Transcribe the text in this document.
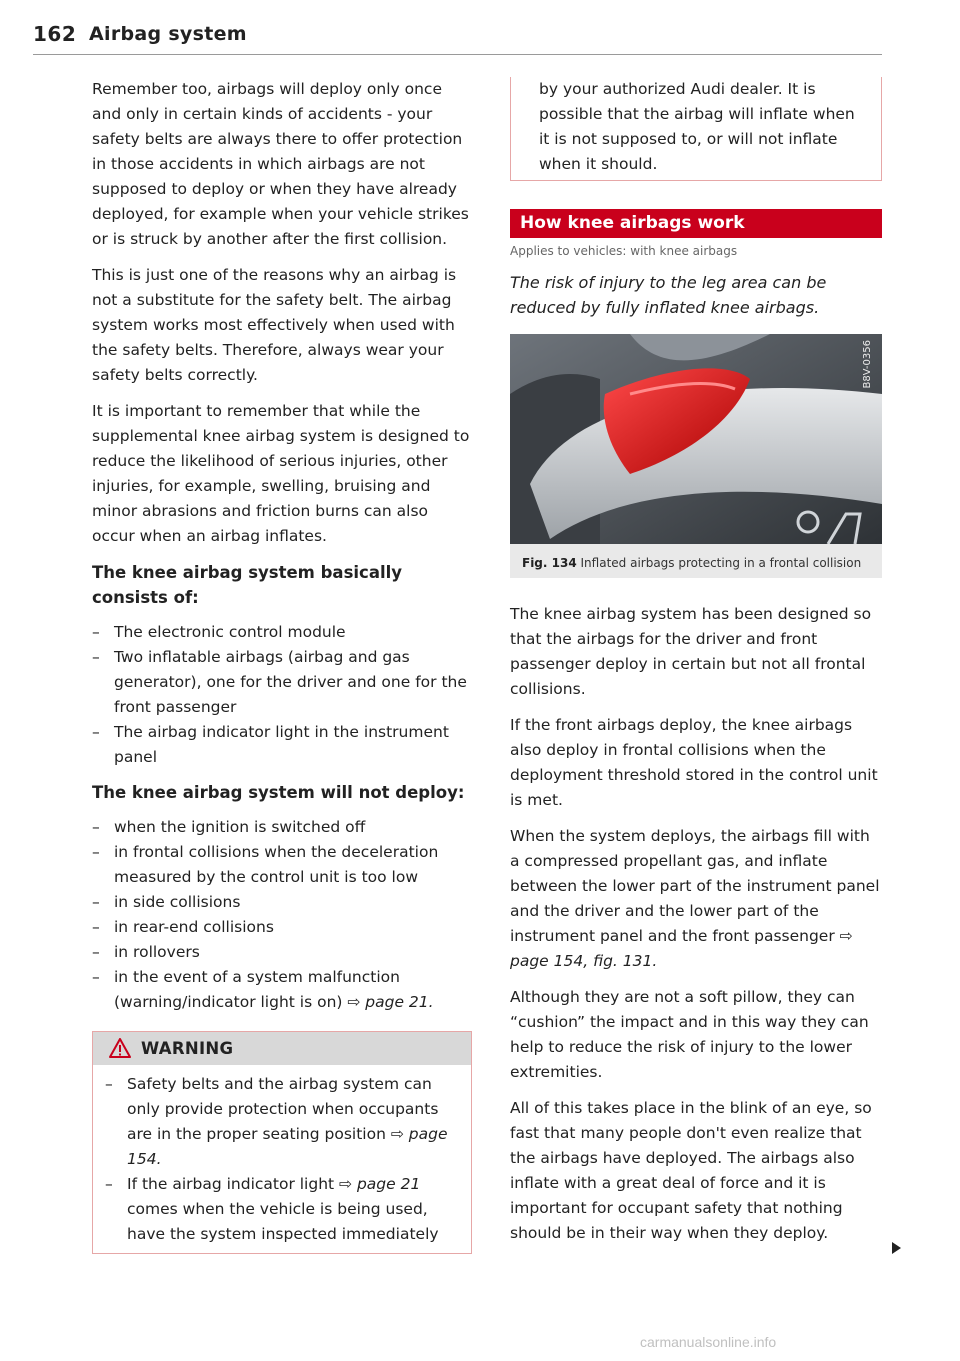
162 Airbag system

Remember too, airbags will deploy only once and only in certain kinds of accidents - your safety belts are always there to offer protection in those accidents in which airbags are not supposed to deploy or when they have already deployed, for example when your vehicle strikes or is struck by another after the first collision.

This is just one of the reasons why an airbag is not a substitute for the safety belt. The airbag system works most effectively when used with the safety belts. Therefore, always wear your safety belts correctly.

It is important to remember that while the supplemental knee airbag system is designed to reduce the likelihood of serious injuries, other injuries, for example, swelling, bruising and minor abrasions and friction burns can also occur when an airbag inflates.

The knee airbag system basically consists of:
– The electronic control module
– Two inflatable airbags (airbag and gas generator), one for the driver and one for the front passenger
– The airbag indicator light in the instrument panel
The knee airbag system will not deploy:
– when the ignition is switched off
– in frontal collisions when the deceleration measured by the control unit is too low
– in side collisions
– in rear-end collisions
– in rollovers
– in the event of a system malfunction (warning/indicator light is on) ⇨ page 21.
WARNING
– Safety belts and the airbag system can only provide protection when occupants are in the proper seating position ⇨ page 154.
– If the airbag indicator light ⇨ page 21 comes when the vehicle is being used, have the system inspected immediately

by your authorized Audi dealer. It is possible that the airbag will inflate when it is not supposed to, or will not inflate when it should.

How knee airbags work

Applies to vehicles: with knee airbags

The risk of injury to the leg area can be reduced by fully inflated knee airbags.

B8V-0356
Fig. 134 Inflated airbags protecting in a frontal collision

The knee airbag system has been designed so that the airbags for the driver and front passenger deploy in certain but not all frontal collisions.

If the front airbags deploy, the knee airbags also deploy in frontal collisions when the deployment threshold stored in the control unit is met.

When the system deploys, the airbags fill with a compressed propellant gas, and inflate between the lower part of the instrument panel and the driver and the lower part of the instrument panel and the front passenger ⇨ page 154, fig. 131.

Although they are not a soft pillow, they can “cushion” the impact and in this way they can help to reduce the risk of injury to the lower extremities.

All of this takes place in the blink of an eye, so fast that many people don't even realize that the airbags have deployed. The airbags also inflate with a great deal of force and it is important for occupant safety that nothing should be in their way when they deploy.

carmanualsonline.info
